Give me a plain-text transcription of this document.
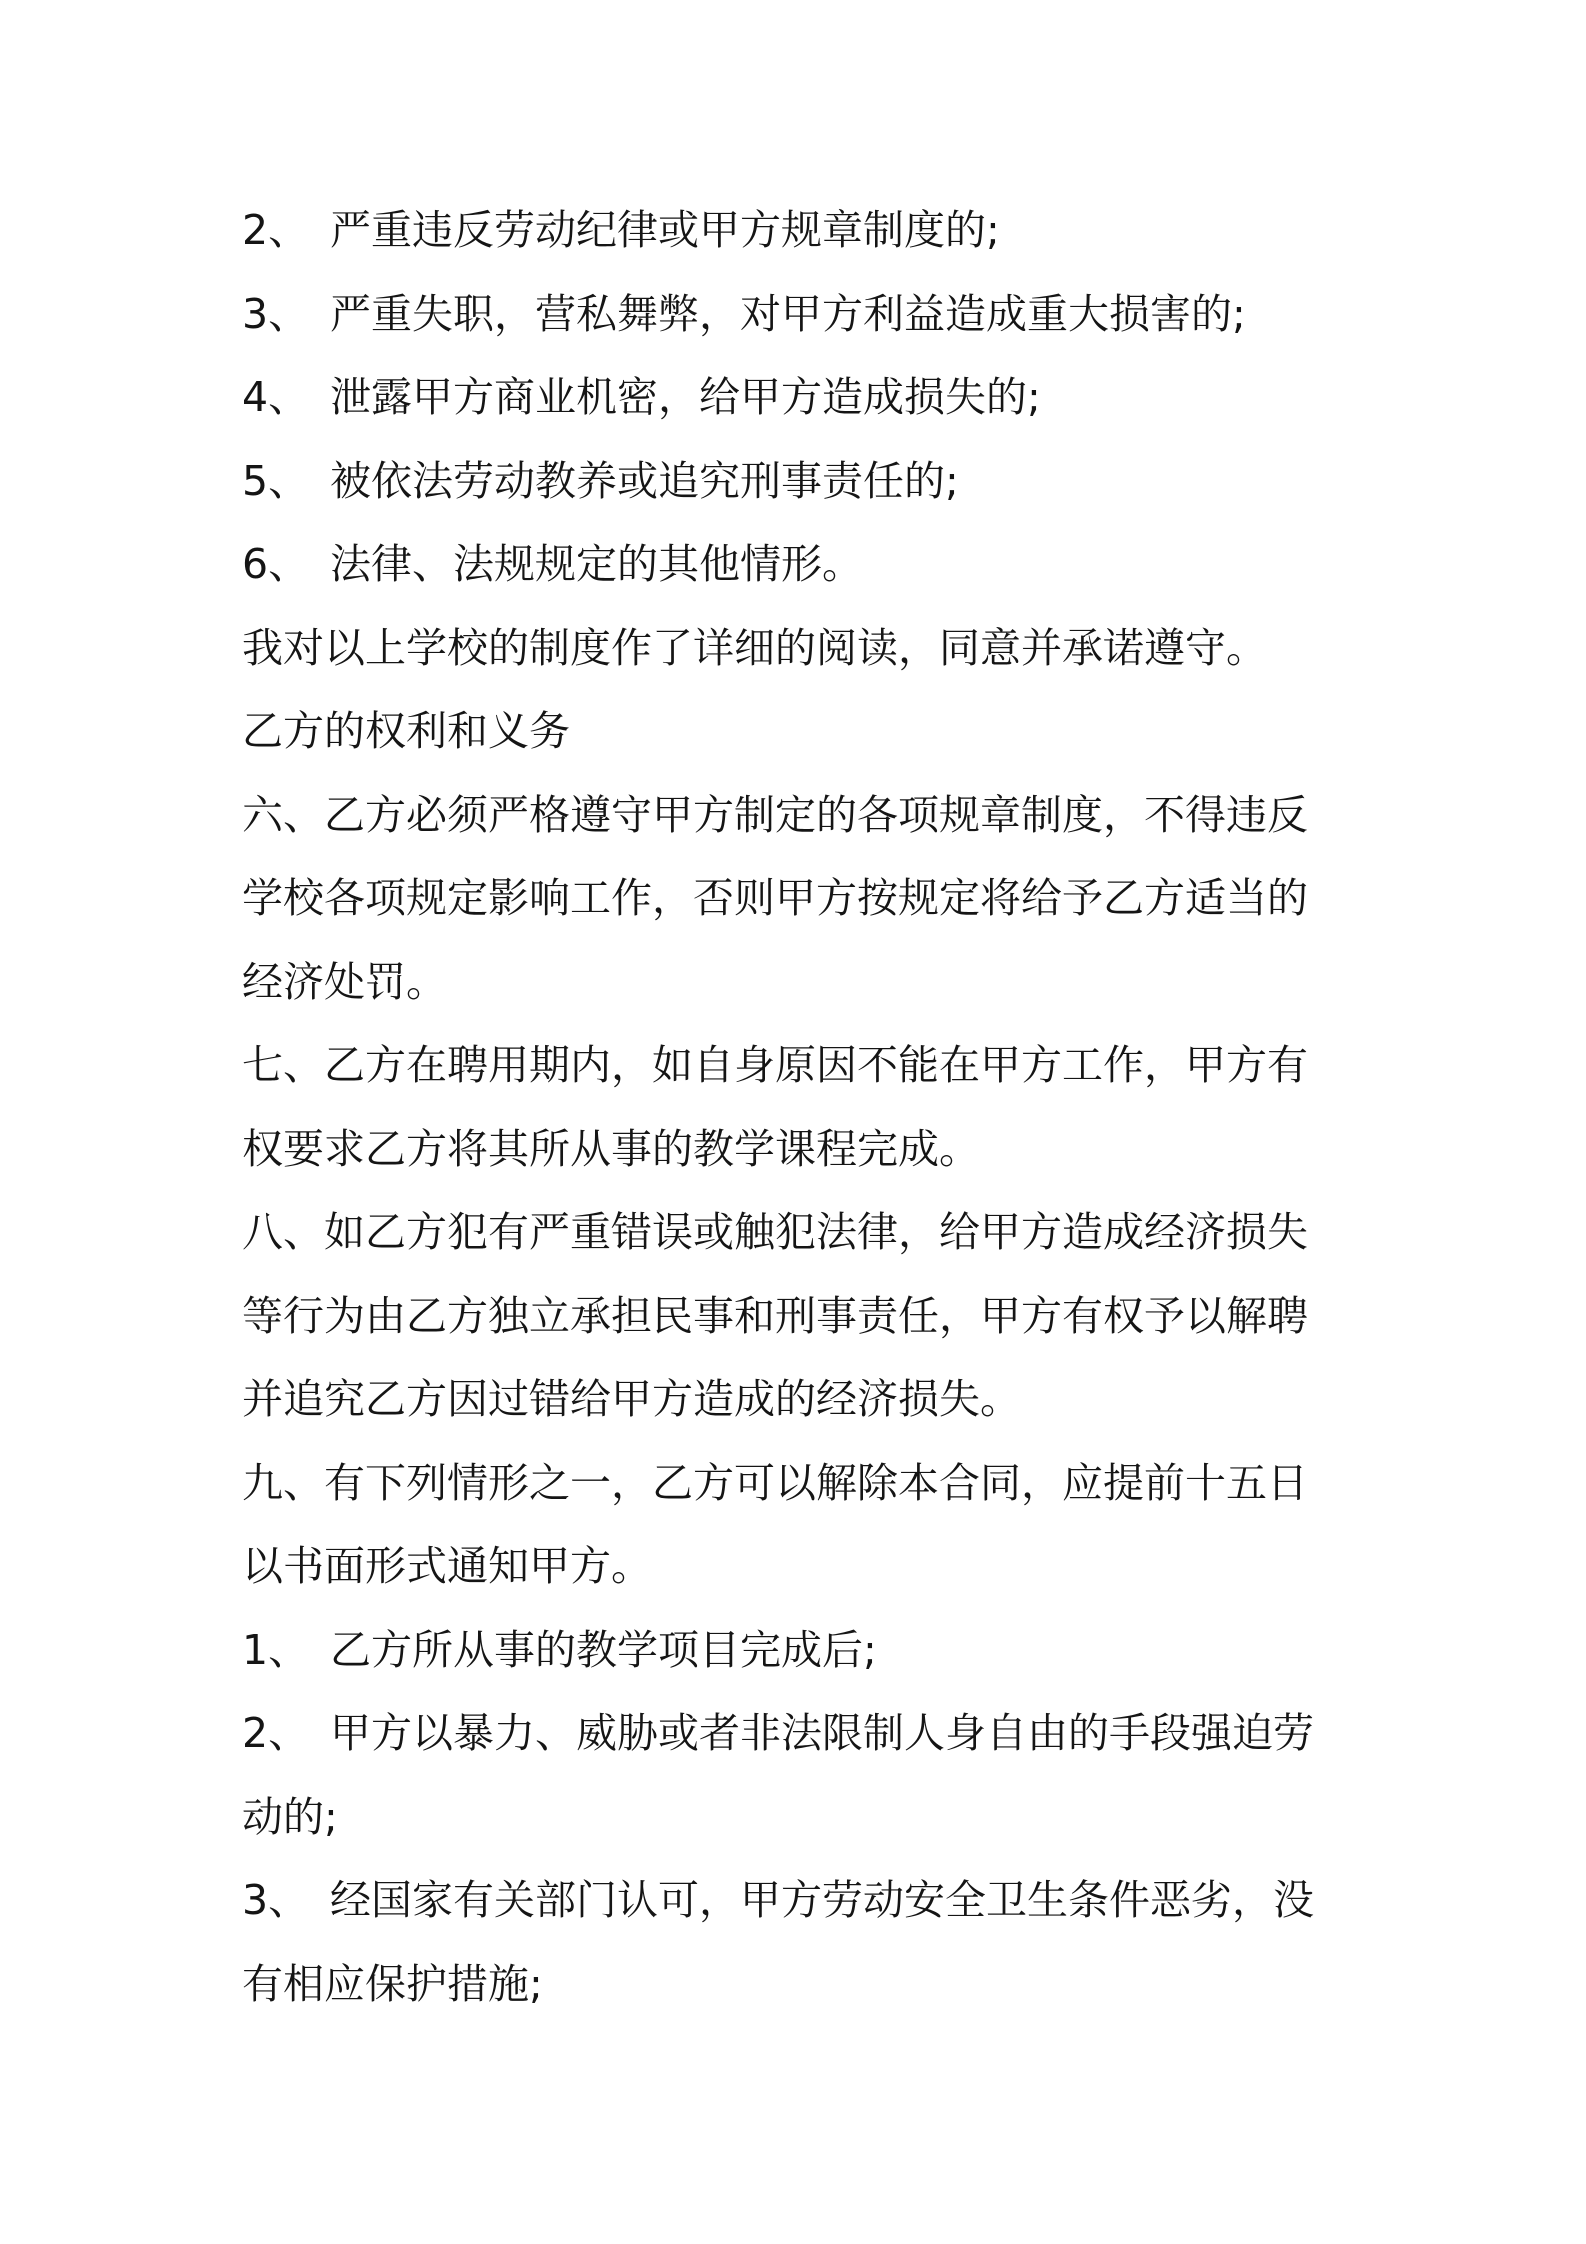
2、 严重违反劳动纪律或甲方规章制度的;
3、 严重失职，营私舞弊，对甲方利益造成重大损害的;
4、 泄露甲方商业机密，给甲方造成损失的;
5、 被依法劳动教养或追究刑事责任的;
6、 法律、法规规定的其他情形。
我对以上学校的制度作了详细的阅读，同意并承诺遵守。
乙方的权利和义务
六、乙方必须严格遵守甲方制定的各项规章制度，不得违反
学校各项规定影响工作，否则甲方按规定将给予乙方适当的
经济处罚。
七、乙方在聘用期内，如自身原因不能在甲方工作，甲方有
权要求乙方将其所从事的教学课程完成。
八、如乙方犯有严重错误或触犯法律，给甲方造成经济损失
等行为由乙方独立承担民事和刑事责任，甲方有权予以解聘
并追究乙方因过错给甲方造成的经济损失。
九、有下列情形之一，乙方可以解除本合同，应提前十五日
以书面形式通知甲方。
1、 乙方所从事的教学项目完成后;
2、 甲方以暴力、威胁或者非法限制人身自由的手段强迫劳
动的;
3、 经国家有关部门认可，甲方劳动安全卫生条件恶劣，没
有相应保护措施;
